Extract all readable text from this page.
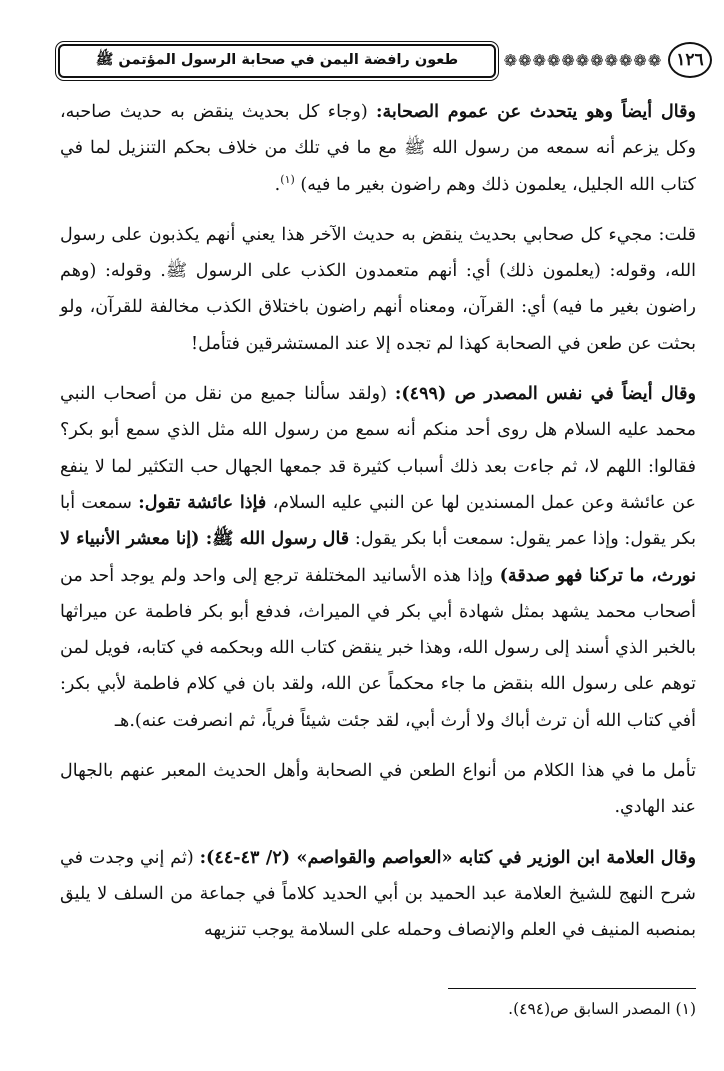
١٢٦
❁❁❁❁❁❁❁❁❁❁❁
طعون رافضة اليمن في صحابة الرسول المؤتمن ﷺ

وقال أيضاً وهو يتحدث عن عموم الصحابة: (وجاء كل بحديث ينقض به حديث صاحبه، وكل يزعم أنه سمعه من رسول الله ﷺ مع ما في تلك من خلاف بحكم التنزيل لما في كتاب الله الجليل، يعلمون ذلك وهم راضون بغير ما فيه) $^{(١)}$.

قلت: مجيء كل صحابي بحديث ينقض به حديث الآخر هذا يعني أنهم يكذبون على رسول الله، وقوله: (يعلمون ذلك) أي: أنهم متعمدون الكذب على الرسول ﷺ. وقوله: (وهم راضون بغير ما فيه) أي: القرآن، ومعناه أنهم راضون باختلاق الكذب مخالفة للقرآن، ولو بحثت عن طعن في الصحابة كهذا لم تجده إلا عند المستشرقين فتأمل!

وقال أيضاً في نفس المصدر ص (٤٩٩): (ولقد سألنا جميع من نقل من أصحاب النبي محمد عليه السلام هل روى أحد منكم أنه سمع من رسول الله مثل الذي سمع أبو بكر؟ فقالوا: اللهم لا، ثم جاءت بعد ذلك أسباب كثيرة قد جمعها الجهال حب التكثير لما لا ينفع عن عائشة وعن عمل المسندين لها عن النبي عليه السلام، فإذا عائشة تقول: سمعت أبا بكر يقول: وإذا عمر يقول: سمعت أبا بكر يقول: قال رسول الله ﷺ: (إنا معشر الأنبياء لا نورث، ما تركنا فهو صدقة) وإذا هذه الأسانيد المختلفة ترجع إلى واحد ولم يوجد أحد من أصحاب محمد يشهد بمثل شهادة أبي بكر في الميراث، فدفع أبو بكر فاطمة عن ميراثها بالخبر الذي أسند إلى رسول الله، وهذا خبر ينقض كتاب الله وبحكمه في كتابه، فويل لمن توهم على رسول الله بنقض ما جاء محكماً عن الله، ولقد بان في كلام فاطمة لأبي بكر: أفي كتاب الله أن ترث أباك ولا أرث أبي، لقد جئت شيئاً فرياً، ثم انصرفت عنه).هـ

تأمل ما في هذا الكلام من أنواع الطعن في الصحابة وأهل الحديث المعبر عنهم بالجهال عند الهادي.

وقال العلامة ابن الوزير في كتابه «العواصم والقواصم» (٢/ ٤٣-٤٤): (ثم إني وجدت في شرح النهج للشيخ العلامة عبد الحميد بن أبي الحديد كلاماً في جماعة من السلف لا يليق بمنصبه المنيف في العلم والإنصاف وحمله على السلامة يوجب تنزيهه

(١) المصدر السابق ص(٤٩٤).
